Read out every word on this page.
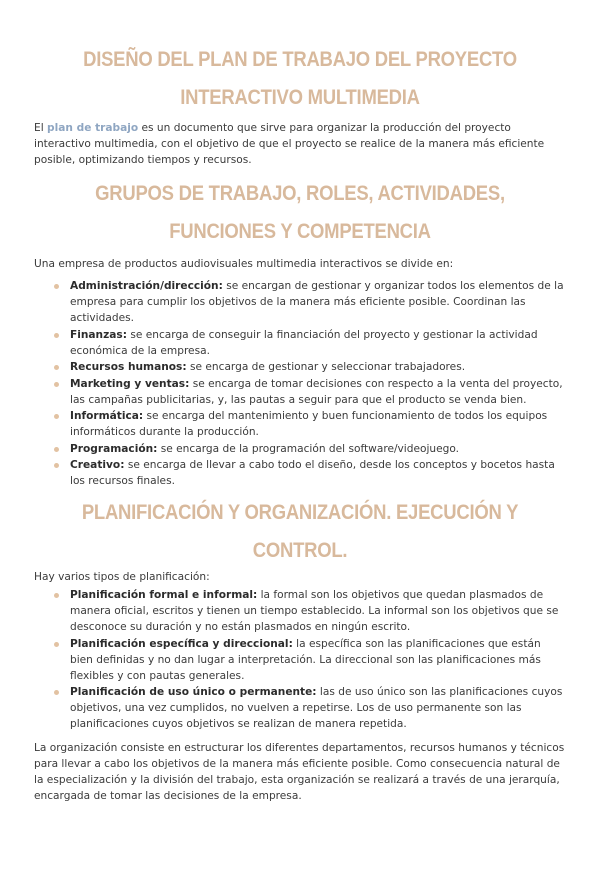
DISEÑO DEL PLAN DE TRABAJO DEL PROYECTO INTERACTIVO MULTIMEDIA

El plan de trabajo es un documento que sirve para organizar la producción del proyecto interactivo multimedia, con el objetivo de que el proyecto se realice de la manera más eficiente posible, optimizando tiempos y recursos.

GRUPOS DE TRABAJO, ROLES, ACTIVIDADES, FUNCIONES Y COMPETENCIA

Una empresa de productos audiovisuales multimedia interactivos se divide en:

Administración/dirección: se encargan de gestionar y organizar todos los elementos de la empresa para cumplir los objetivos de la manera más eficiente posible. Coordinan las actividades.
Finanzas: se encarga de conseguir la financiación del proyecto y gestionar la actividad económica de la empresa.
Recursos humanos: se encarga de gestionar y seleccionar trabajadores.
Marketing y ventas: se encarga de tomar decisiones con respecto a la venta del proyecto, las campañas publicitarias, y, las pautas a seguir para que el producto se venda bien.
Informática: se encarga del mantenimiento y buen funcionamiento de todos los equipos informáticos durante la producción.
Programación: se encarga de la programación del software/videojuego.
Creativo: se encarga de llevar a cabo todo el diseño, desde los conceptos y bocetos hasta los recursos finales.
PLANIFICACIÓN Y ORGANIZACIÓN. EJECUCIÓN Y CONTROL.

Hay varios tipos de planificación:

Planificación formal e informal: la formal son los objetivos que quedan plasmados de manera oficial, escritos y tienen un tiempo establecido. La informal son los objetivos que se desconoce su duración y no están plasmados en ningún escrito.
Planificación específica y direccional: la específica son las planificaciones que están bien definidas y no dan lugar a interpretación. La direccional son las planificaciones más flexibles y con pautas generales.
Planificación de uso único o permanente: las de uso único son las planificaciones cuyos objetivos, una vez cumplidos, no vuelven a repetirse. Los de uso permanente son las planificaciones cuyos objetivos se realizan de manera repetida.

La organización consiste en estructurar los diferentes departamentos, recursos humanos y técnicos para llevar a cabo los objetivos de la manera más eficiente posible. Como consecuencia natural de la especialización y la división del trabajo, esta organización se realizará a través de una jerarquía, encargada de tomar las decisiones de la empresa.
